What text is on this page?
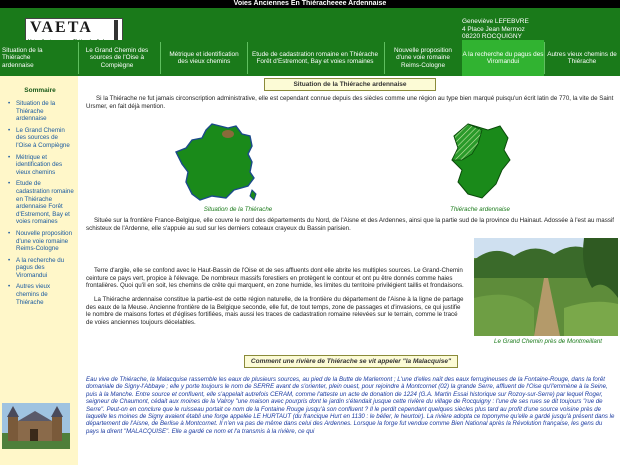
Voies Anciennes En Thiéracheeee Ardennaise
VAETA	Geneviève LEFEBVRE
4 Place Jean Mermoz
08220 ROCQUIGNY
Situation de la Thiérache ardennaise
Le Grand Chemin des sources de l'Oise à Compiègne
Métrique et identification des vieux chemins
Etude de cadastration romaine en Thiérache Forêt d'Estremont, Bay et voies romaines
Nouvelle proposition d'une voie romaine Reims-Cologne
A la recherche du pagus des Viromandui
Autres vieux chemins de Thiérache
Sommaire
• Situation de la Thiérache ardennaise
• Le Grand Chemin des sources de l'Oise à Compiègne
• Métrique et identification des vieux chemins
• Etude de cadastration romaine en Thiérache ardennaise Forêt d'Estremont, Bay et voies romaines
• Nouvelle proposition d'une voie romaine Reims-Cologne
• A la recherche du pagus des Viromandui
• Autres vieux chemins de Thiérache
Situation de la Thiérache ardennaise
Si la Thiérache ne fut jamais circonscription administrative, elle est cependant connue depuis des siècles comme une région au type bien marqué puisqu'un écrit latin de 770, la vite de Saint Ursmer, en fait déjà mention.
Situation de la Thiérache	Thiérache ardennaise
Située sur la frontière France-Belgique, elle couvre le nord des départements du Nord, de l'Aisne et des Ardennes, ainsi que la partie sud de la province du Hainaut. Adossée à l'est au massif schisteux de l'Ardenne, elle s'appuie au sud sur les derniers coteaux crayeux du Bassin parisien.
Terre d'argile, elle se confond avec le Haut-Bassin de l'Oise et de ses affluents dont elle abrite les multiples sources. Le Grand-Chemin ceinture ce pays vert, propice à l'élevage. De nombreux massifs forestiers en protègent le contour et ont pu être donnés comme haies frontalières. Quoi qu'il en soit, les chemins de crête qui marquent, en zone humide, les limites du territoire privilégient taillis et frondaisons.
La Thiérache ardennaise constitue la partie-est de cette région naturelle, de la frontière du département de l'Aisne à la ligne de partage des eaux de la Meuse. Ancienne frontière de la Belgique seconde, elle fut, de tout temps, zone de passages et d'invasions, ce qui justifie le nombre de maisons fortes et d'églises fortifiées, mais aussi les traces de cadastration romaine relevées sur le terrain, comme le tracé de voies anciennes toujours décelables.
Le Grand Chemin près de Montmeillant
Comment une rivière de Thiérache se vit appeler "la Malacquise"
Eau vive de Thiérache, la Malacquise rassemble les eaux de plusieurs sources, au pied de la Butte de Marlemont ; L'une d'elles naît des eaux ferrugineuses de la Fontaine-Rouge, dans la forêt domaniale de Signy-l'Abbaye ; elle y porte toujours le nom de SERRE avant de s'orienter, plein ouest, pour rejoindre à Montcornet (02) la grande Serre, affluent de l'Oise qu'l'emmène à la Seine, puis à la Manche. Entre source et confluent, elle s'appelait autrefois CERAM, comme l'atteste un acte de donation de 1224 (G.A. Martin Essai historique sur Rozoy-sur-Serre) par lequel Roger, seigneur de Chaumont, cédait aux moines de la Valroy "une maison avec pourpris dont le jardin s'étendait jusque cette rivière du village de Rocquigny : l'une de ses rues se dit toujours "rue de Serre". Peut-on en conclure que le ruisseau portait ce nom de la Fontaine Rouge jusqu'à son confluent ? Il le perdit cependant quelques siècles plus tard au profit d'une source voisine près de laquelle les moines de Signy avaient établi une forge appelée LE HURTAUT (du francique Hurt en 1130 : le bélier, le heurtoir). La rivière adopta ce toponyme qu'elle a gardé jusqu'à présent dans le département de l'Aisne, de Berlise à Montcornet. Il n'en va pas de même dans celui des Ardennes. Lorsque la forge fut vendue comme Bien National après la Révolution française, les gens du pays la dirent "MALACQUISE". Elle a gardé ce nom et l'a transmis à la rivière, ce qui
